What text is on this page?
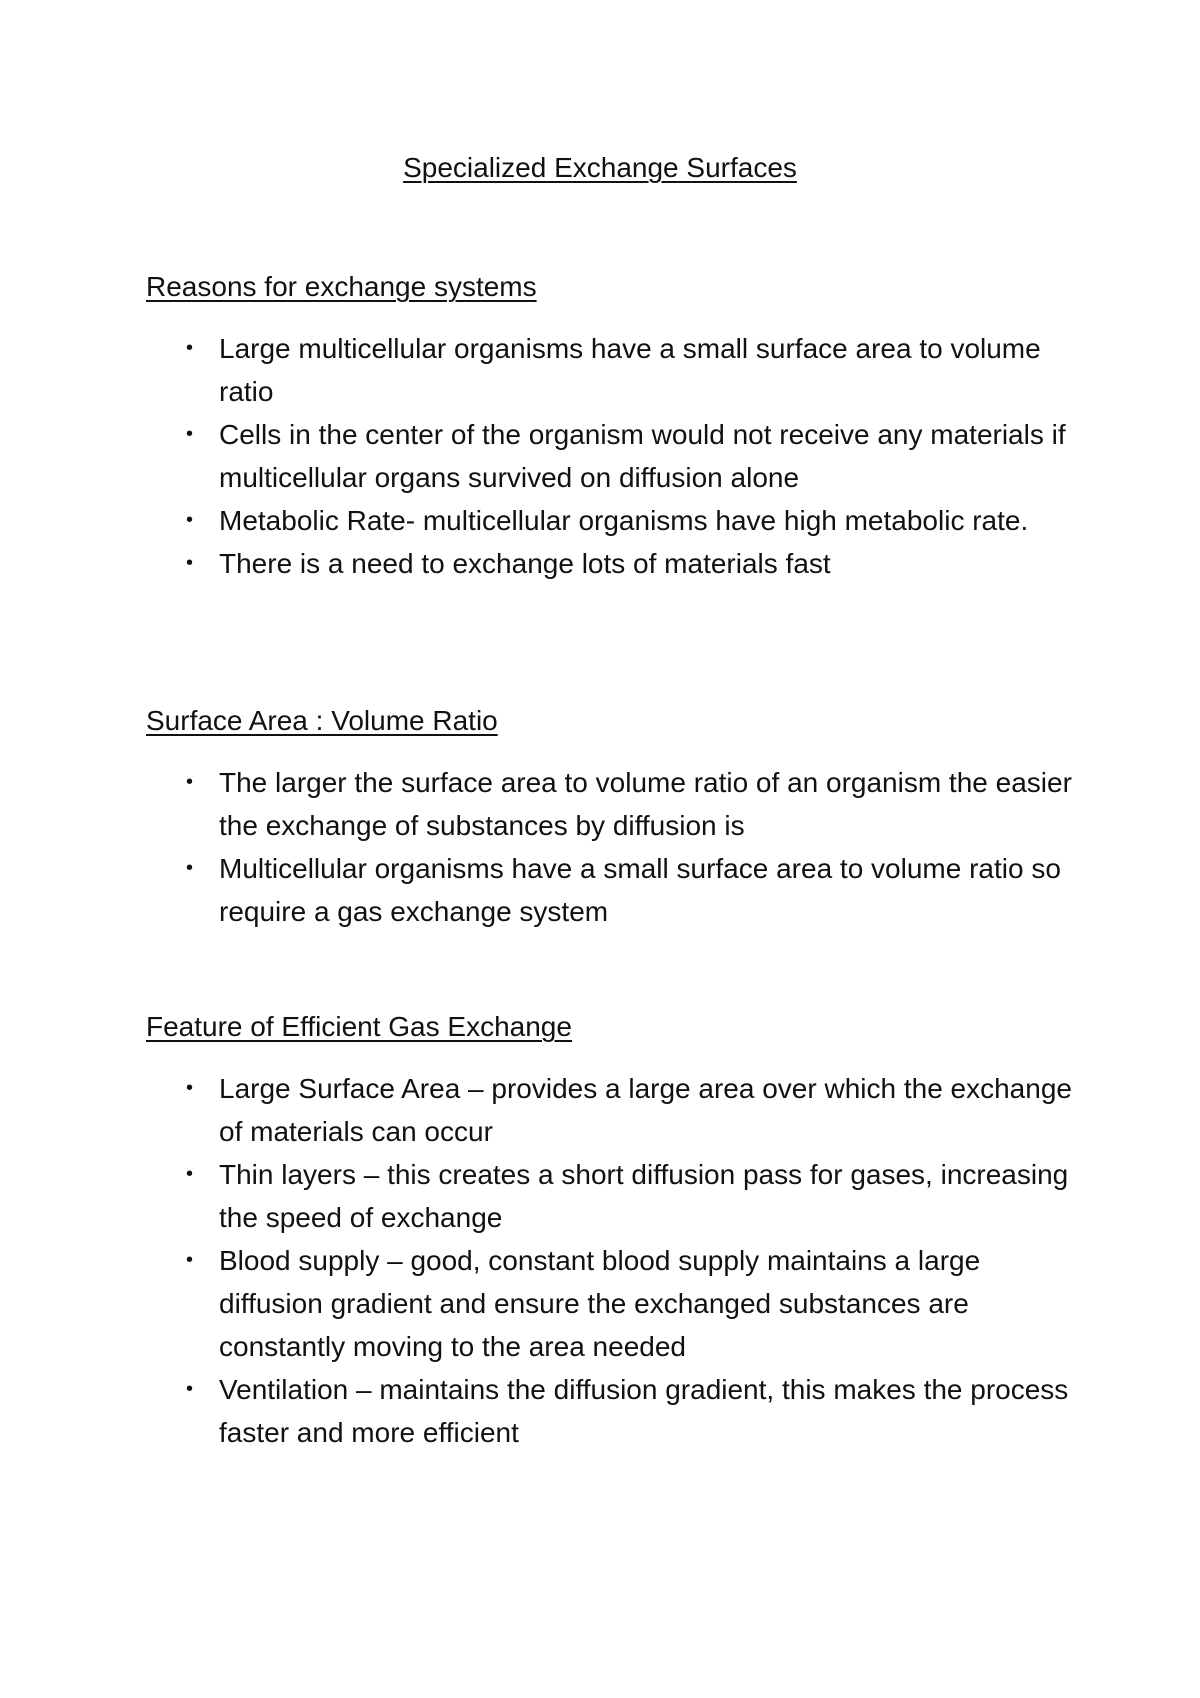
Specialized Exchange Surfaces
Reasons for exchange systems
• Large multicellular organisms have a small surface area to volume ratio
• Cells in the center of the organism would not receive any materials if multicellular organs survived on diffusion alone
• Metabolic Rate- multicellular organisms have high metabolic rate.
• There is a need to exchange lots of materials fast
Surface Area : Volume Ratio
• The larger the surface area to volume ratio of an organism the easier the exchange of substances by diffusion is
• Multicellular organisms have a small surface area to volume ratio so require a gas exchange system
Feature of Efficient Gas Exchange
• Large Surface Area – provides a large area over which the exchange of materials can occur
• Thin layers – this creates a short diffusion pass for gases, increasing the speed of exchange
• Blood supply – good, constant blood supply maintains a large diffusion gradient and ensure the exchanged substances are constantly moving to the area needed
• Ventilation – maintains the diffusion gradient, this makes the process faster and more efficient
